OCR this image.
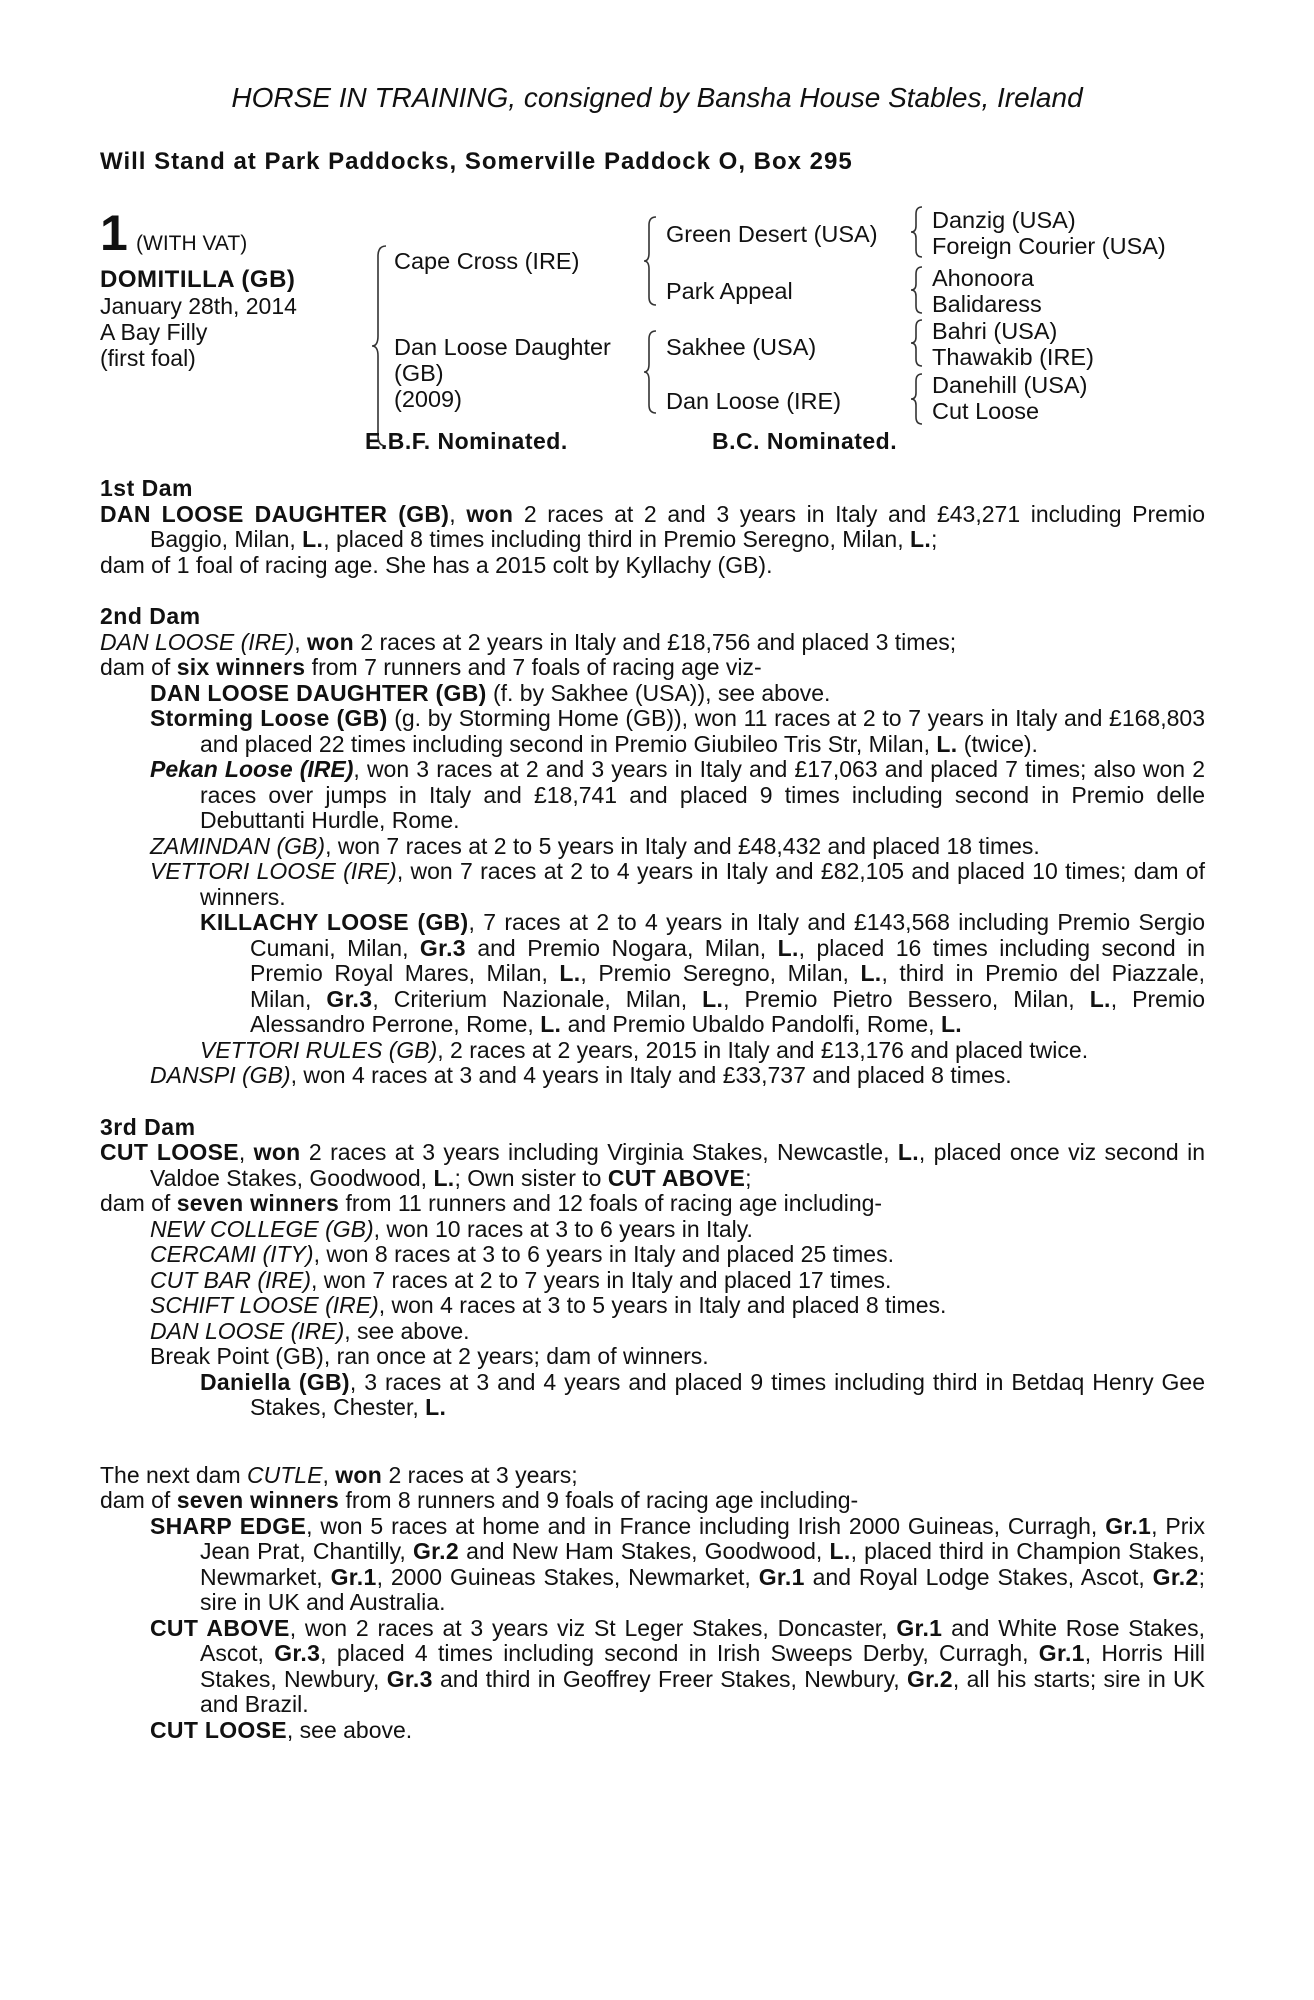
HORSE IN TRAINING, consigned by Bansha House Stables, Ireland
Will Stand at Park Paddocks, Somerville Paddock O, Box 295
1 (WITH VAT)
DOMITILLA (GB)
January 28th, 2014
A Bay Filly
(first foal)
Cape Cross (IRE)
Dan Loose Daughter
(GB)
(2009)
Green Desert (USA)
Park Appeal
Sakhee (USA)
Dan Loose (IRE)
Danzig (USA)
Foreign Courier (USA)
Ahonoora
Balidaress
Bahri (USA)
Thawakib (IRE)
Danehill (USA)
Cut Loose
E.B.F. Nominated.	B.C. Nominated.
1st Dam
DAN LOOSE DAUGHTER (GB), won 2 races at 2 and 3 years in Italy and £43,271 including Premio Baggio, Milan, L., placed 8 times including third in Premio Seregno, Milan, L.;
dam of 1 foal of racing age. She has a 2015 colt by Kyllachy (GB).
2nd Dam
DAN LOOSE (IRE), won 2 races at 2 years in Italy and £18,756 and placed 3 times;
dam of six winners from 7 runners and 7 foals of racing age viz-
DAN LOOSE DAUGHTER (GB) (f. by Sakhee (USA)), see above.
Storming Loose (GB) (g. by Storming Home (GB)), won 11 races at 2 to 7 years in Italy and £168,803 and placed 22 times including second in Premio Giubileo Tris Str, Milan, L. (twice).
Pekan Loose (IRE), won 3 races at 2 and 3 years in Italy and £17,063 and placed 7 times; also won 2 races over jumps in Italy and £18,741 and placed 9 times including second in Premio delle Debuttanti Hurdle, Rome.
ZAMINDAN (GB), won 7 races at 2 to 5 years in Italy and £48,432 and placed 18 times.
VETTORI LOOSE (IRE), won 7 races at 2 to 4 years in Italy and £82,105 and placed 10 times; dam of winners.
KILLACHY LOOSE (GB), 7 races at 2 to 4 years in Italy and £143,568 including Premio Sergio Cumani, Milan, Gr.3 and Premio Nogara, Milan, L., placed 16 times including second in Premio Royal Mares, Milan, L., Premio Seregno, Milan, L., third in Premio del Piazzale, Milan, Gr.3, Criterium Nazionale, Milan, L., Premio Pietro Bessero, Milan, L., Premio Alessandro Perrone, Rome, L. and Premio Ubaldo Pandolfi, Rome, L.
VETTORI RULES (GB), 2 races at 2 years, 2015 in Italy and £13,176 and placed twice.
DANSPI (GB), won 4 races at 3 and 4 years in Italy and £33,737 and placed 8 times.
3rd Dam
CUT LOOSE, won 2 races at 3 years including Virginia Stakes, Newcastle, L., placed once viz second in Valdoe Stakes, Goodwood, L.; Own sister to CUT ABOVE;
dam of seven winners from 11 runners and 12 foals of racing age including-
NEW COLLEGE (GB), won 10 races at 3 to 6 years in Italy.
CERCAMI (ITY), won 8 races at 3 to 6 years in Italy and placed 25 times.
CUT BAR (IRE), won 7 races at 2 to 7 years in Italy and placed 17 times.
SCHIFT LOOSE (IRE), won 4 races at 3 to 5 years in Italy and placed 8 times.
DAN LOOSE (IRE), see above.
Break Point (GB), ran once at 2 years; dam of winners.
Daniella (GB), 3 races at 3 and 4 years and placed 9 times including third in Betdaq Henry Gee Stakes, Chester, L.
The next dam CUTLE, won 2 races at 3 years;
dam of seven winners from 8 runners and 9 foals of racing age including-
SHARP EDGE, won 5 races at home and in France including Irish 2000 Guineas, Curragh, Gr.1, Prix Jean Prat, Chantilly, Gr.2 and New Ham Stakes, Goodwood, L., placed third in Champion Stakes, Newmarket, Gr.1, 2000 Guineas Stakes, Newmarket, Gr.1 and Royal Lodge Stakes, Ascot, Gr.2; sire in UK and Australia.
CUT ABOVE, won 2 races at 3 years viz St Leger Stakes, Doncaster, Gr.1 and White Rose Stakes, Ascot, Gr.3, placed 4 times including second in Irish Sweeps Derby, Curragh, Gr.1, Horris Hill Stakes, Newbury, Gr.3 and third in Geoffrey Freer Stakes, Newbury, Gr.2, all his starts; sire in UK and Brazil.
CUT LOOSE, see above.
